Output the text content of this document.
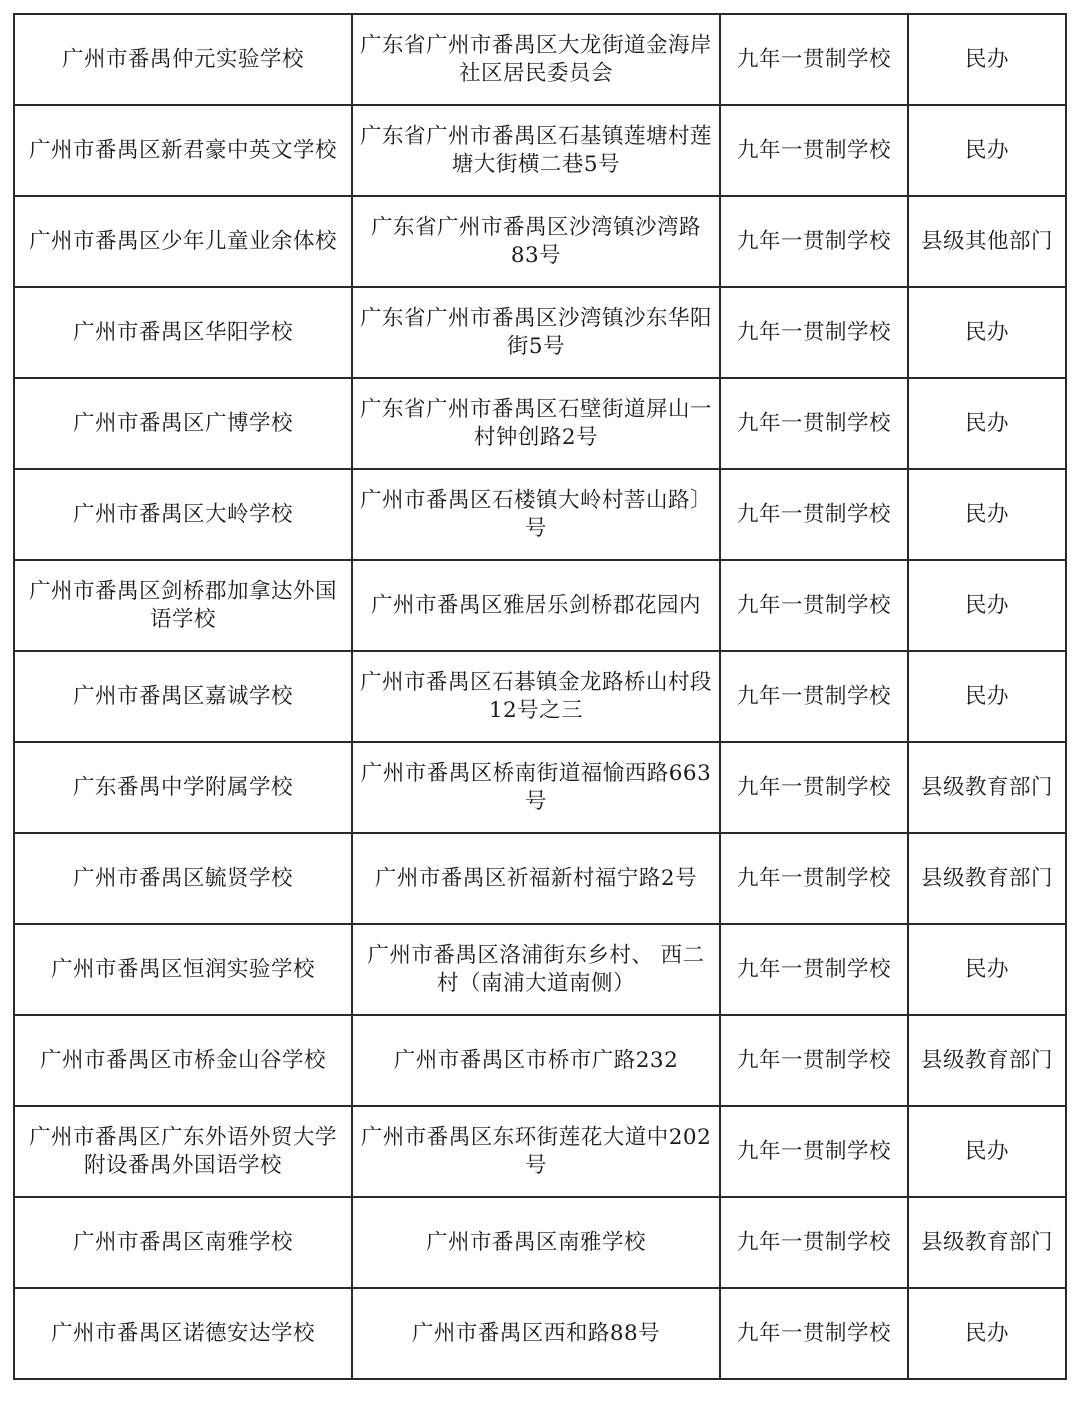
广州市番禺仲元实验学校	广东省广州市番禺区大龙街道金海岸社区居民委员会	九年一贯制学校	民办
广州市番禺区新君豪中英文学校	广东省广州市番禺区石基镇莲塘村莲塘大街横二巷5号	九年一贯制学校	民办
广州市番禺区少年儿童业余体校	广东省广州市番禺区沙湾镇沙湾路83号	九年一贯制学校	县级其他部门
广州市番禺区华阳学校	广东省广州市番禺区沙湾镇沙东华阳街5号	九年一贯制学校	民办
广州市番禺区广博学校	广东省广州市番禺区石壁街道屏山一村钟创路2号	九年一贯制学校	民办
广州市番禺区大岭学校	广州市番禺区石楼镇大岭村菩山路〕号	九年一贯制学校	民办
广州市番禺区剑桥郡加拿达外国语学校	广州市番禺区雅居乐剑桥郡花园内	九年一贯制学校	民办
广州市番禺区嘉诚学校	广州市番禺区石碁镇金龙路桥山村段12号之三	九年一贯制学校	民办
广东番禺中学附属学校	广州市番禺区桥南街道福愉西路663号	九年一贯制学校	县级教育部门
广州市番禺区毓贤学校	广州市番禺区祈福新村福宁路2号	九年一贯制学校	县级教育部门
广州市番禺区恒润实验学校	广州市番禺区洛浦街东乡村、 西二村（南浦大道南侧）	九年一贯制学校	民办
广州市番禺区市桥金山谷学校	广州市番禺区市桥市广路232	九年一贯制学校	县级教育部门
广州市番禺区广东外语外贸大学附设番禺外国语学校	广州市番禺区东环街莲花大道中202号	九年一贯制学校	民办
广州市番禺区南雅学校	广州市番禺区南雅学校	九年一贯制学校	县级教育部门
广州市番禺区诺德安达学校	广州市番禺区西和路88号	九年一贯制学校	民办
